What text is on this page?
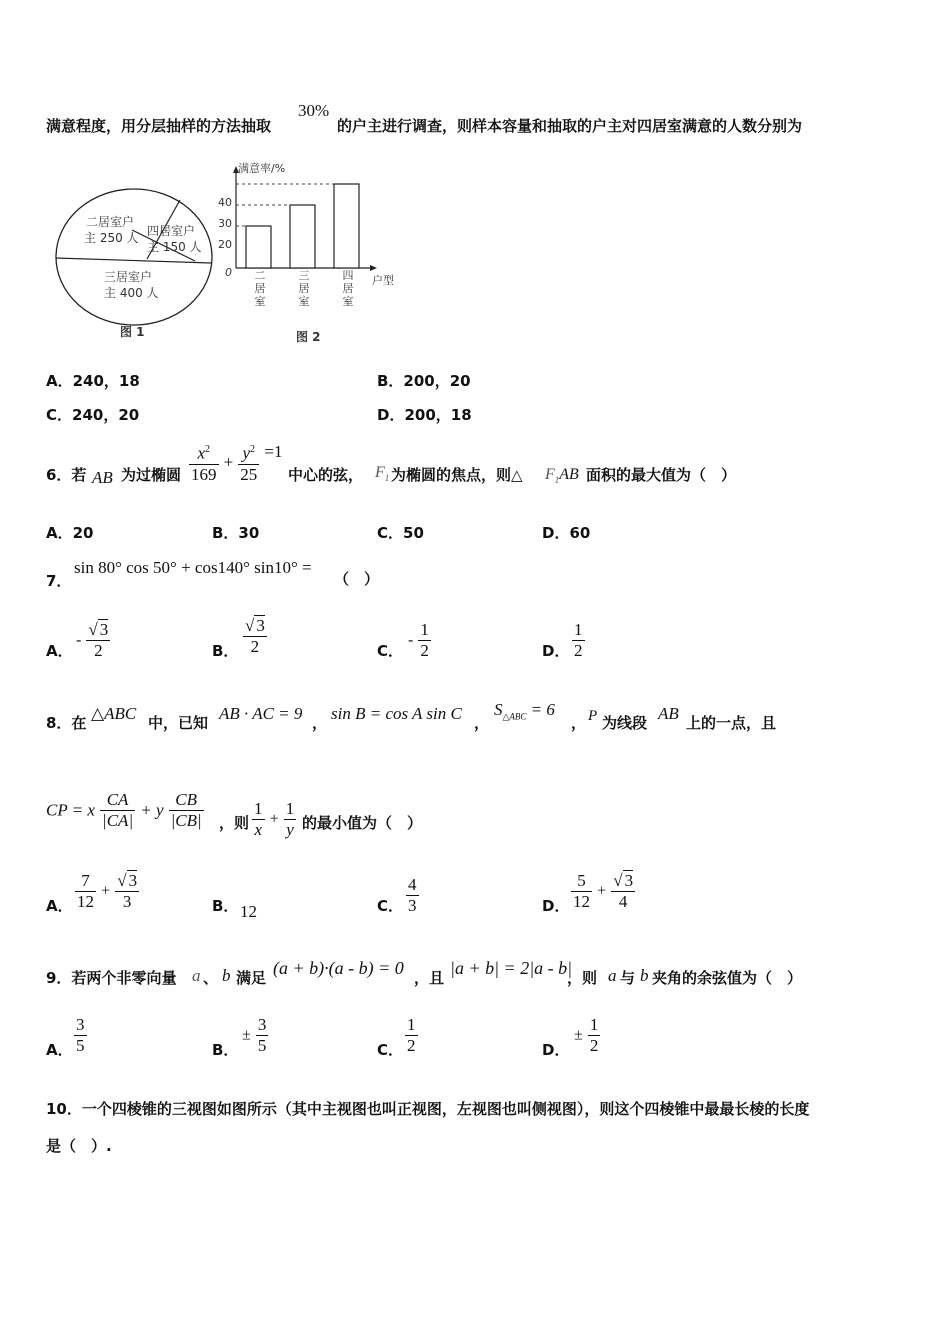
满意程度，用分层抽样的方法抽取
30%
的户主进行调查，则样本容量和抽取的户主对四居室满意的人数分别为
二居室户
主 250 人 四居室户
主 150 人
三居室户
主 400 人
图 1
满意率/%
户型
0
20
30
40
二
居
室
三
居
室
四
居
室
图 2
A．240，18	B．200，20
C．240，20	D．200，18
6．若 AB 为过椭圆 $\frac{x^2}{169} + \frac{y^2}{25} =1$
中心的弦， $F_1$ 为椭圆的焦点，则△ $F_1AB$ 面积的最大值为（　）
A．20	B．30	C．50	D．60
7．
sin 80° cos 50° + cos140° sin10° =
（　）
A．
- $\frac{√ 3}{2}$	B． $\frac{√ 3}{2}$	C．
- $\frac{1}{2}$	D． $\frac{1}{2}$
8．在 △ABC 中，已知 AB · AC = 9 ， sin B = cos A sin C ，
$S_{\triangle ABC} = 6$
， P 为线段 AB 上的一点，且
CP = x $\frac{CA}{|CA|} + y \frac{CB}{|CB|}$ ，则 $\frac{1}{x} + \frac{1}{y}$ 的最小值为（　）
A． $\frac{7}{12} + \frac{√ 3}{3}$	B． 12	C． $\frac{4}{3}$	D． $\frac{5}{12} + \frac{√ 3}{4}$
9．若两个非零向量 a 、 b 满足 (a + b)·(a - b) = 0 ，且 |a + b| = 2|a - b|
，则 a 与 b 夹角的余弦值为（　）
A． $\frac{3}{5}$	B．
± $\frac{3}{5}$	C． $\frac{1}{2}$	D．
± $\frac{1}{2}$
10．一个四棱锥的三视图如图所示（其中主视图也叫正视图，左视图也叫侧视图），则这个四棱锥中最最长棱的长度
是（　）.
